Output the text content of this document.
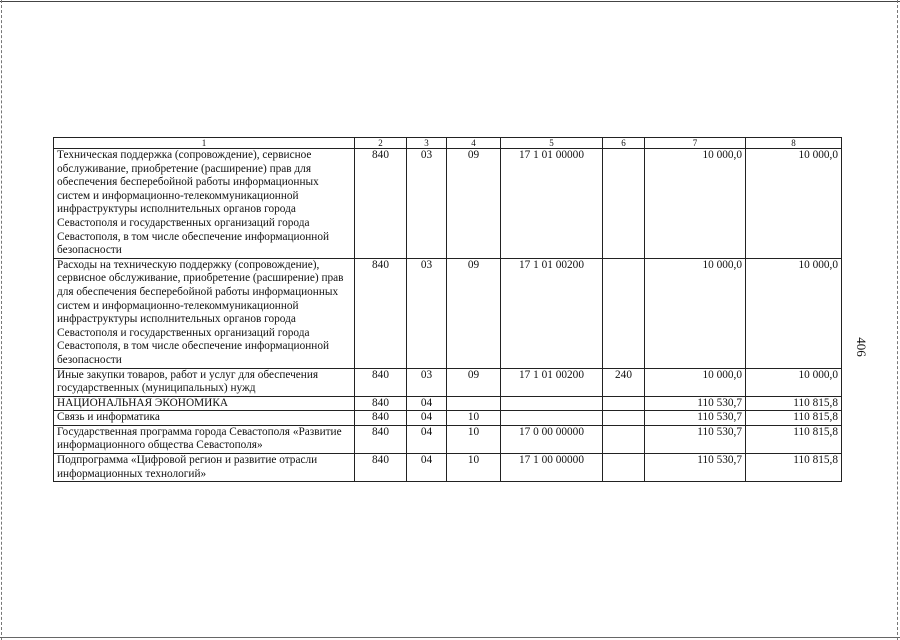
1	2	3	4	5	6	7	8
Техническая поддержка (сопровождение), сервисное обслуживание, приобретение (расширение) прав для обеспечения бесперебойной работы информационных систем и информационно-телекоммуникационной инфраструктуры исполнительных органов города Севастополя и государственных организаций города Севастополя, в том числе обеспечение информационной безопасности	840	03	09	17 1 01 00000		10 000,0	10 000,0
Расходы на техническую поддержку (сопровождение), сервисное обслуживание, приобретение (расширение) прав для обеспечения бесперебойной работы информационных систем и информационно-телекоммуникационной инфраструктуры исполнительных органов города Севастополя и государственных организаций города Севастополя, в том числе обеспечение информационной безопасности	840	03	09	17 1 01 00200		10 000,0	10 000,0
Иные закупки товаров, работ и услуг для обеспечения государственных (муниципальных) нужд	840	03	09	17 1 01 00200	240	10 000,0	10 000,0
НАЦИОНАЛЬНАЯ ЭКОНОМИКА	840	04				110 530,7	110 815,8
Связь и информатика	840	04	10			110 530,7	110 815,8
Государственная программа города Севастополя «Развитие информационного общества Севастополя»	840	04	10	17 0 00 00000		110 530,7	110 815,8
Подпрограмма «Цифровой регион и развитие отрасли информационных технологий»	840	04	10	17 1 00 00000		110 530,7	110 815,8
406
